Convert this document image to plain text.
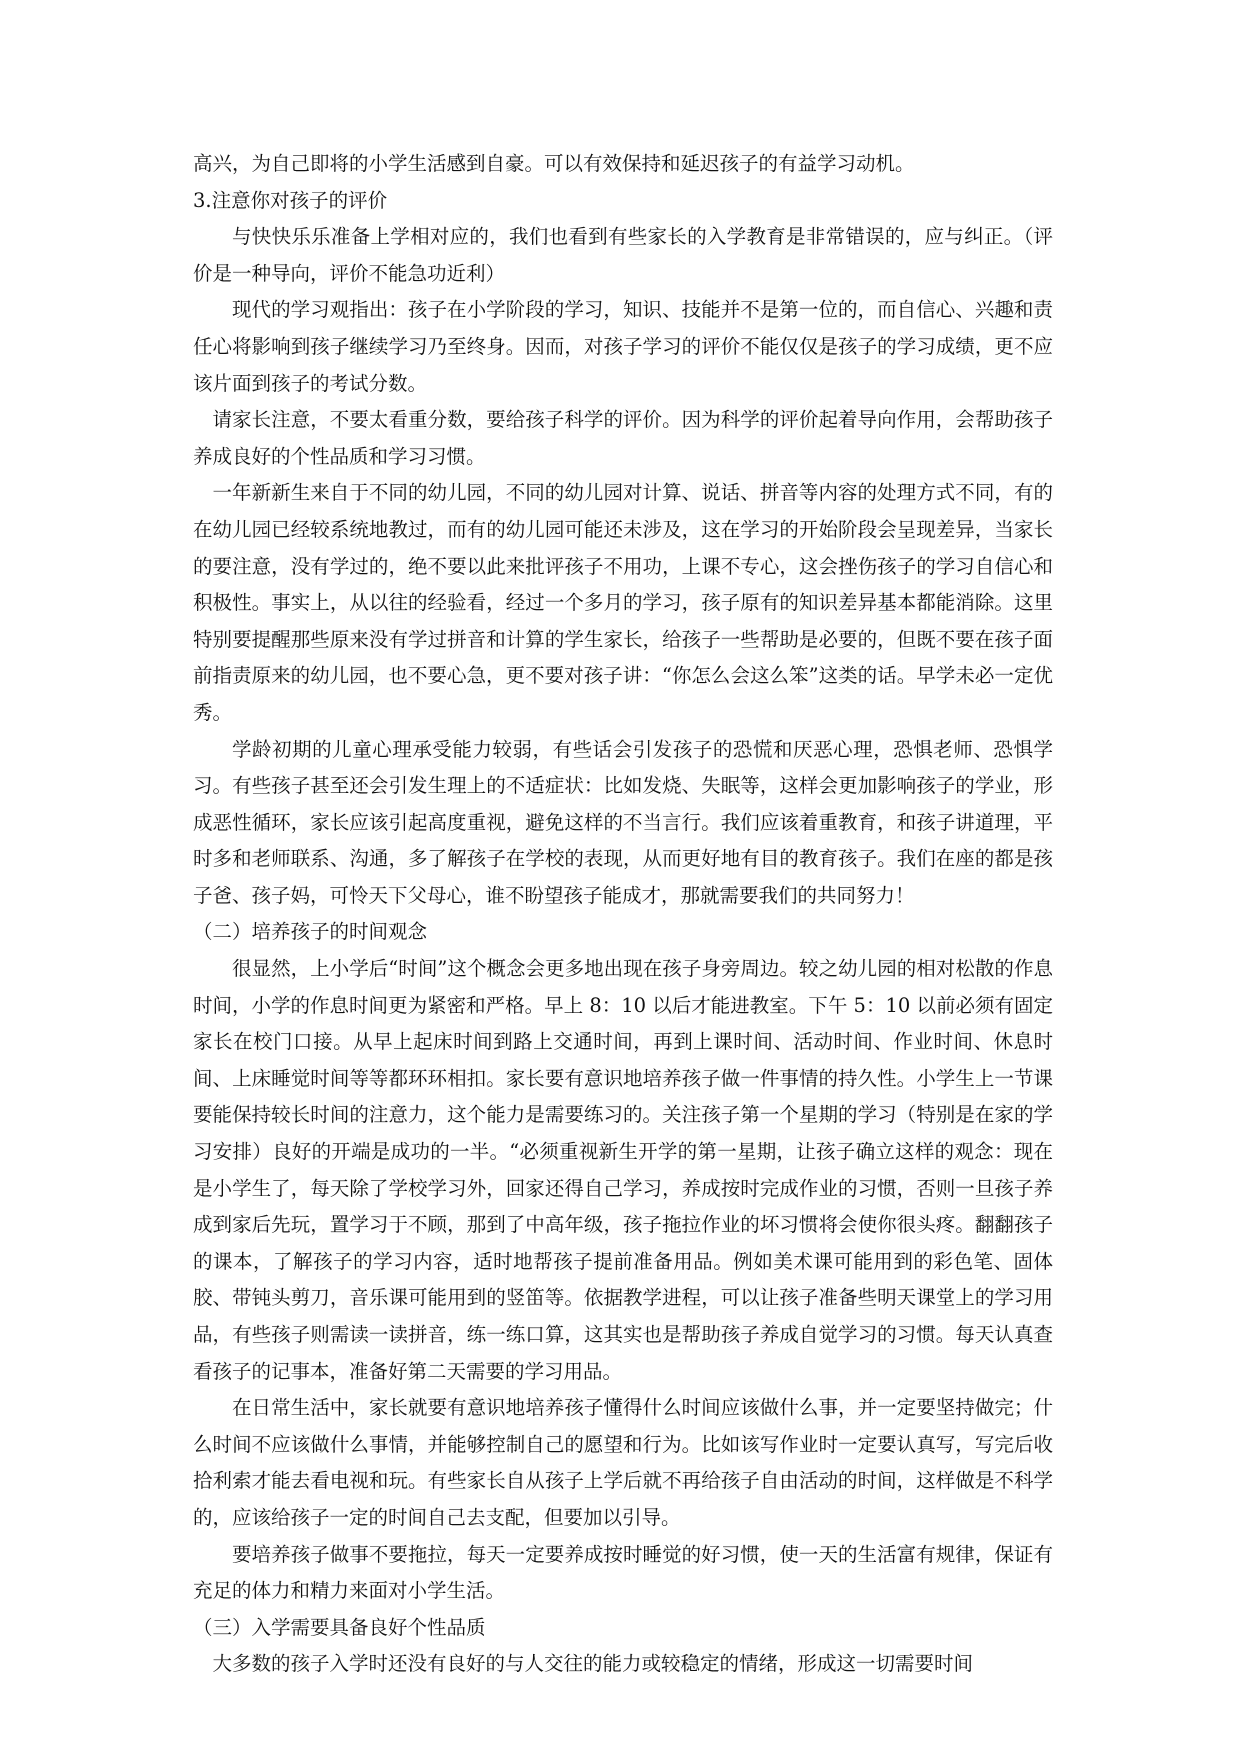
高兴，为自己即将的小学生活感到自豪。可以有效保持和延迟孩子的有益学习动机。

3.注意你对孩子的评价

与快快乐乐准备上学相对应的，我们也看到有些家长的入学教育是非常错误的，应与纠正。（评价是一种导向，评价不能急功近利）

现代的学习观指出：孩子在小学阶段的学习，知识、技能并不是第一位的，而自信心、兴趣和责任心将影响到孩子继续学习乃至终身。因而，对孩子学习的评价不能仅仅是孩子的学习成绩，更不应该片面到孩子的考试分数。

请家长注意，不要太看重分数，要给孩子科学的评价。因为科学的评价起着导向作用，会帮助孩子养成良好的个性品质和学习习惯。

一年新新生来自于不同的幼儿园，不同的幼儿园对计算、说话、拼音等内容的处理方式不同，有的在幼儿园已经较系统地教过，而有的幼儿园可能还未涉及，这在学习的开始阶段会呈现差异，当家长的要注意，没有学过的，绝不要以此来批评孩子不用功，上课不专心，这会挫伤孩子的学习自信心和积极性。事实上，从以往的经验看，经过一个多月的学习，孩子原有的知识差异基本都能消除。这里特别要提醒那些原来没有学过拼音和计算的学生家长，给孩子一些帮助是必要的，但既不要在孩子面前指责原来的幼儿园，也不要心急，更不要对孩子讲：“你怎么会这么笨”这类的话。早学未必一定优秀。

学龄初期的儿童心理承受能力较弱，有些话会引发孩子的恐慌和厌恶心理，恐惧老师、恐惧学习。有些孩子甚至还会引发生理上的不适症状：比如发烧、失眠等，这样会更加影响孩子的学业，形成恶性循环，家长应该引起高度重视，避免这样的不当言行。我们应该着重教育，和孩子讲道理，平时多和老师联系、沟通，多了解孩子在学校的表现，从而更好地有目的教育孩子。我们在座的都是孩子爸、孩子妈，可怜天下父母心，谁不盼望孩子能成才，那就需要我们的共同努力！

（二）培养孩子的时间观念

很显然，上小学后“时间”这个概念会更多地出现在孩子身旁周边。较之幼儿园的相对松散的作息时间，小学的作息时间更为紧密和严格。早上 8：10 以后才能进教室。下午 5：10 以前必须有固定家长在校门口接。从早上起床时间到路上交通时间，再到上课时间、活动时间、作业时间、休息时间、上床睡觉时间等等都环环相扣。家长要有意识地培养孩子做一件事情的持久性。小学生上一节课要能保持较长时间的注意力，这个能力是需要练习的。关注孩子第一个星期的学习（特别是在家的学习安排）良好的开端是成功的一半。“必须重视新生开学的第一星期，让孩子确立这样的观念：现在是小学生了，每天除了学校学习外，回家还得自己学习，养成按时完成作业的习惯，否则一旦孩子养成到家后先玩，置学习于不顾，那到了中高年级，孩子拖拉作业的坏习惯将会使你很头疼。翻翻孩子的课本，了解孩子的学习内容，适时地帮孩子提前准备用品。例如美术课可能用到的彩色笔、固体胶、带钝头剪刀，音乐课可能用到的竖笛等。依据教学进程，可以让孩子准备些明天课堂上的学习用品，有些孩子则需读一读拼音，练一练口算，这其实也是帮助孩子养成自觉学习的习惯。每天认真查看孩子的记事本，准备好第二天需要的学习用品。

在日常生活中，家长就要有意识地培养孩子懂得什么时间应该做什么事，并一定要坚持做完；什么时间不应该做什么事情，并能够控制自己的愿望和行为。比如该写作业时一定要认真写，写完后收拾利索才能去看电视和玩。有些家长自从孩子上学后就不再给孩子自由活动的时间，这样做是不科学的，应该给孩子一定的时间自己去支配，但要加以引导。

要培养孩子做事不要拖拉，每天一定要养成按时睡觉的好习惯，使一天的生活富有规律，保证有充足的体力和精力来面对小学生活。

（三）入学需要具备良好个性品质

大多数的孩子入学时还没有良好的与人交往的能力或较稳定的情绪，形成这一切需要时间
